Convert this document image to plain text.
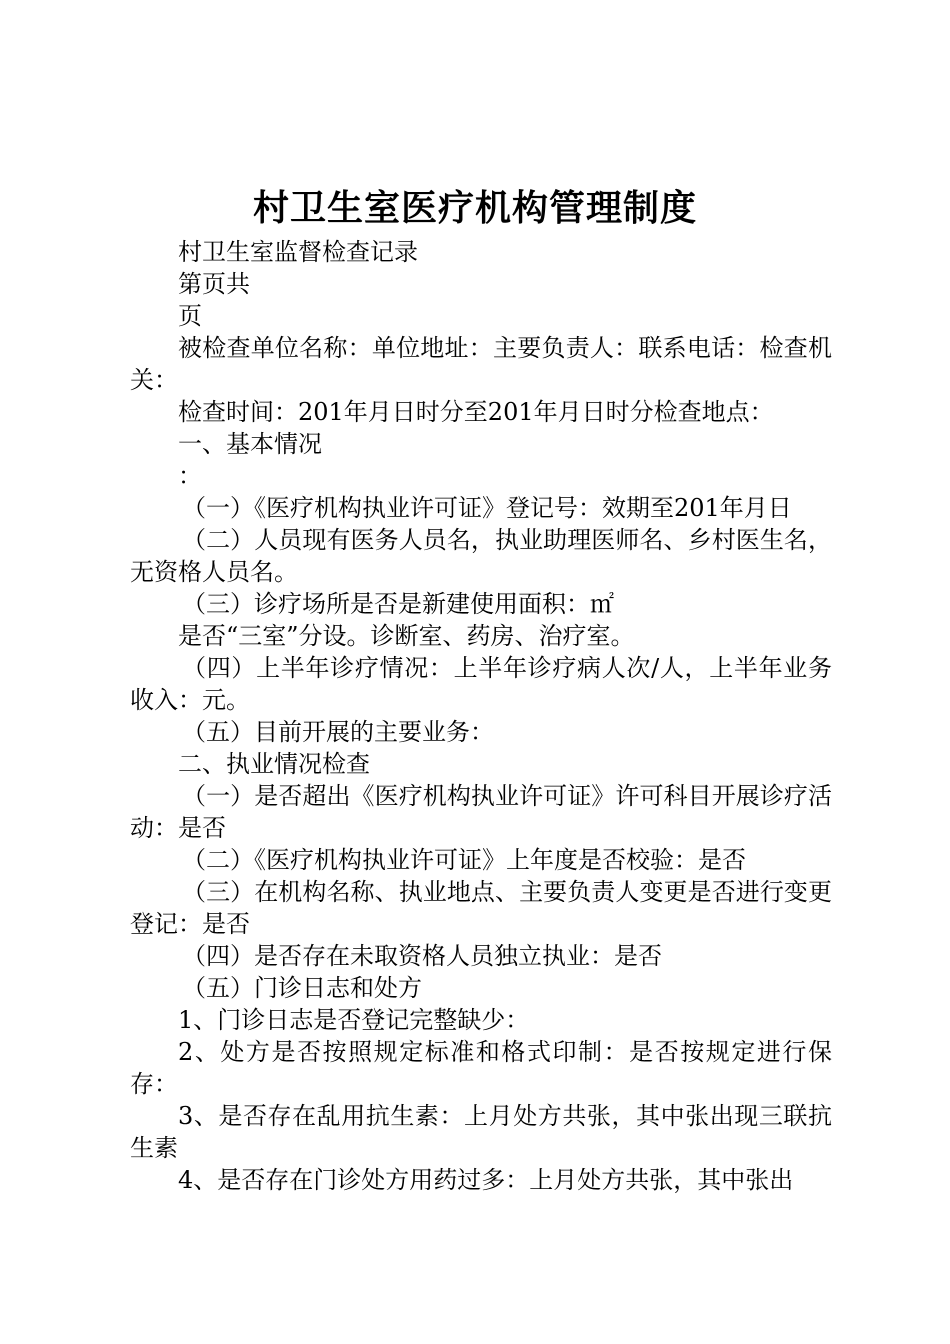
村卫生室医疗机构管理制度

村卫生室监督检查记录

第页共

页

被检查单位名称：单位地址：主要负责人：联系电话：检查机关：

检查时间：201年月日时分至201年月日时分检查地点：

一、基本情况

：

（一）《医疗机构执业许可证》登记号：效期至201年月日

（二）人员现有医务人员名，执业助理医师名、乡村医生名，无资格人员名。

（三）诊疗场所是否是新建使用面积：㎡

是否“三室”分设。诊断室、药房、治疗室。

（四）上半年诊疗情况：上半年诊疗病人次/人，上半年业务收入：元。

（五）目前开展的主要业务：

二、执业情况检查

（一）是否超出《医疗机构执业许可证》许可科目开展诊疗活动：是否

（二）《医疗机构执业许可证》上年度是否校验：是否

（三）在机构名称、执业地点、主要负责人变更是否进行变更登记：是否

（四）是否存在未取资格人员独立执业：是否

（五）门诊日志和处方

1、门诊日志是否登记完整缺少：

2、处方是否按照规定标准和格式印制：是否按规定进行保存：

3、是否存在乱用抗生素：上月处方共张，其中张出现三联抗生素

4、是否存在门诊处方用药过多：上月处方共张，其中张出
